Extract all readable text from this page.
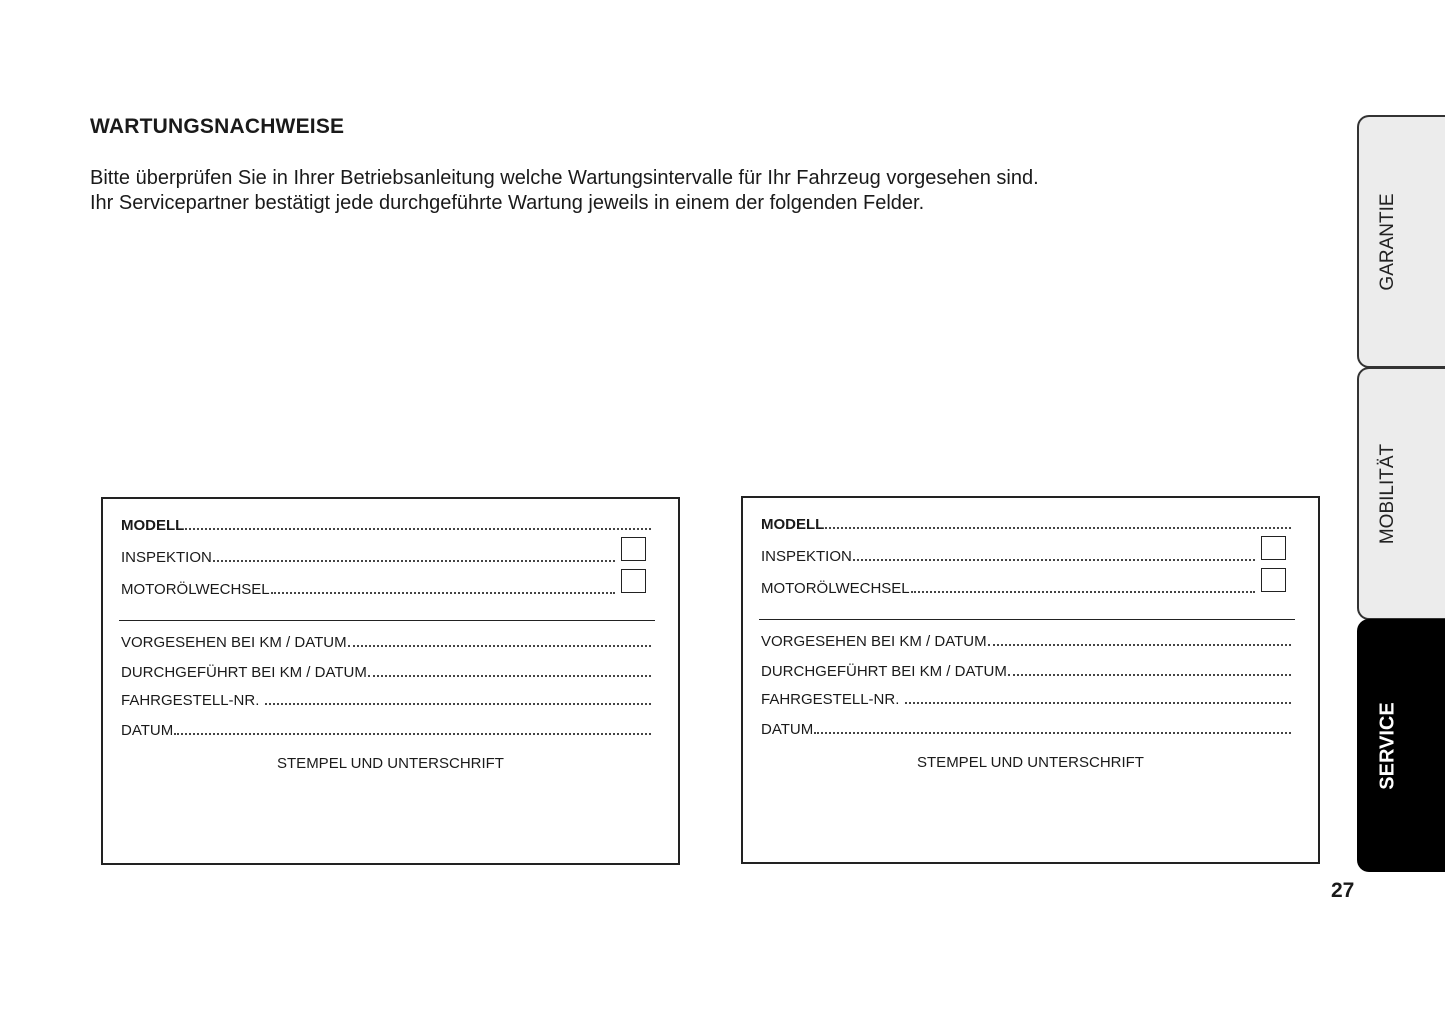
WARTUNGSNACHWEISE
Bitte überprüfen Sie in Ihrer Betriebsanleitung welche Wartungsintervalle für Ihr Fahrzeug vorgesehen sind.
Ihr Servicepartner bestätigt jede durchgeführte Wartung jeweils in einem der folgenden Felder.
MODELL
INSPEKTION
MOTORÖLWECHSEL
VORGESEHEN BEI KM / DATUM
DURCHGEFÜHRT BEI KM / DATUM
FAHRGESTELL-NR.
DATUM
STEMPEL UND UNTERSCHRIFT
MODELL
INSPEKTION
MOTORÖLWECHSEL
VORGESEHEN BEI KM / DATUM
DURCHGEFÜHRT BEI KM / DATUM
FAHRGESTELL-NR.
DATUM
STEMPEL UND UNTERSCHRIFT
GARANTIE
MOBILITÄT
SERVICE
27
